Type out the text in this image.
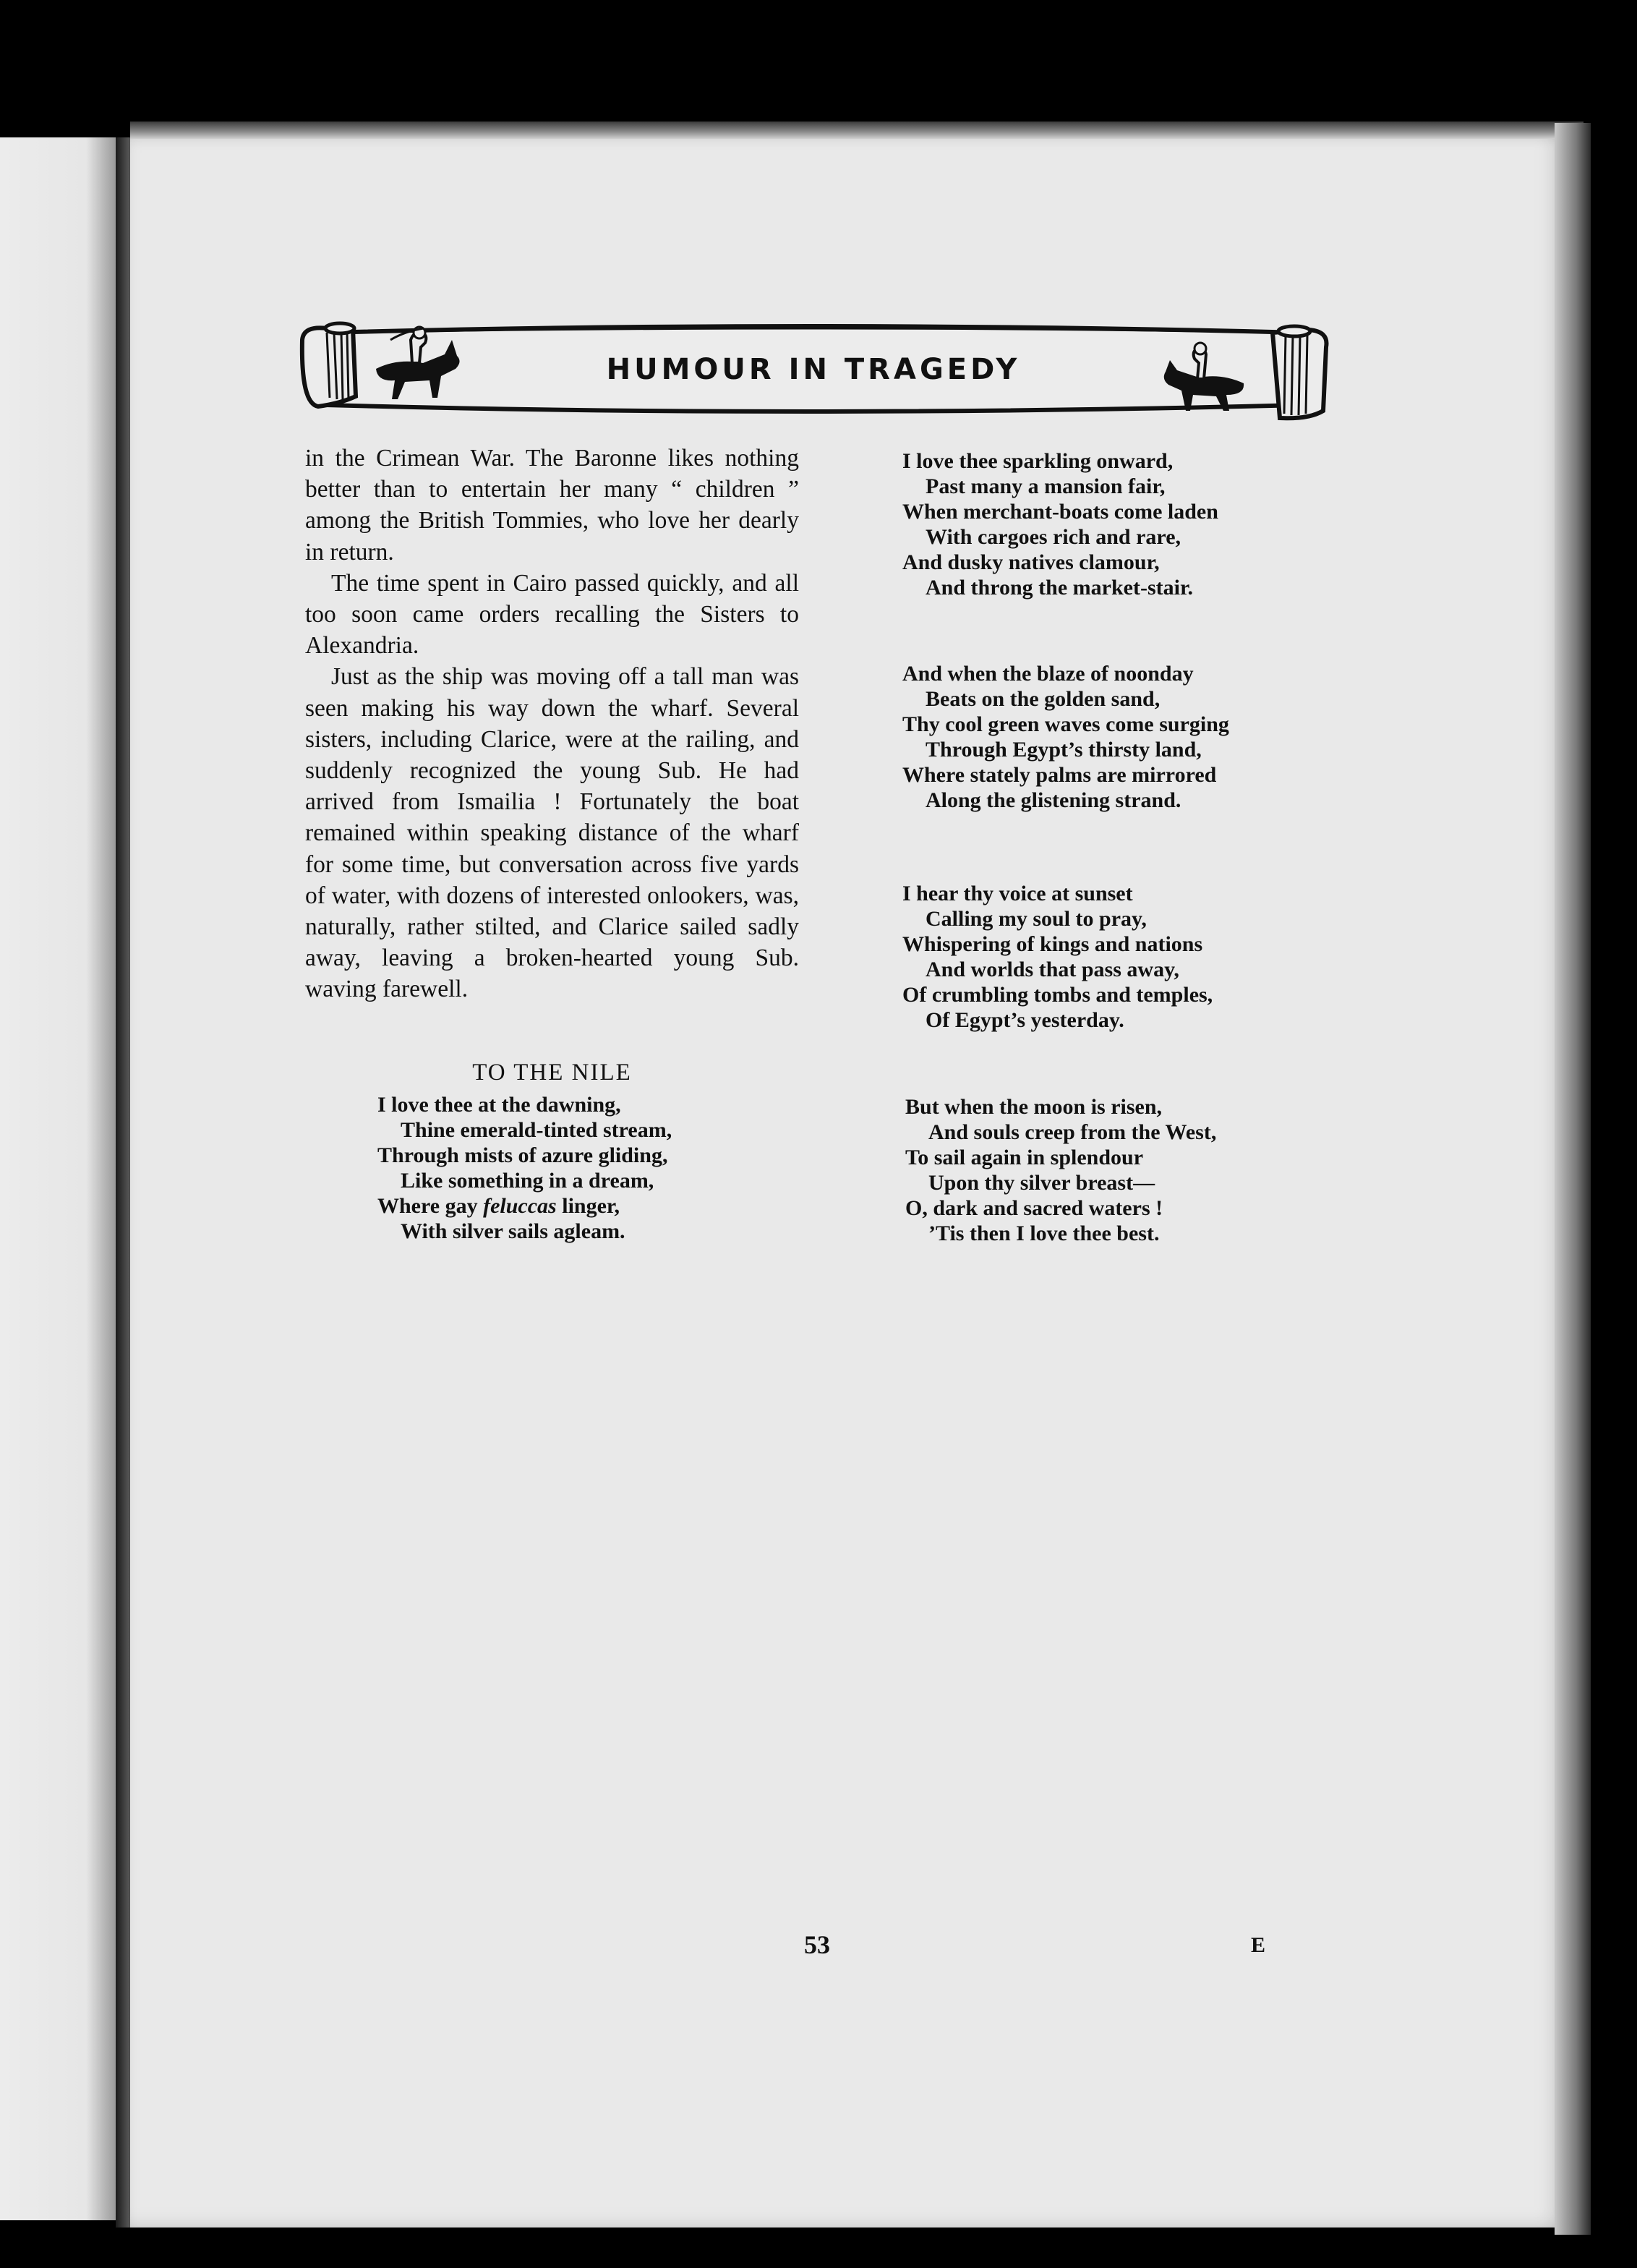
HUMOUR IN TRAGEDY

in the Crimean War. The Baronne likes nothing better than to entertain her many “ children ” among the British Tommies, who love her dearly in return.

The time spent in Cairo passed quickly, and all too soon came orders recalling the Sisters to Alexandria.

Just as the ship was moving off a tall man was seen making his way down the wharf. Several sisters, including Clarice, were at the railing, and suddenly recognized the young Sub. He had arrived from Ismailia ! Fortunately the boat remained within speaking distance of the wharf for some time, but conversation across five yards of water, with dozens of interested onlookers, was, naturally, rather stilted, and Clarice sailed sadly away, leaving a broken-hearted young Sub. waving farewell.

TO THE NILE
I love thee at the dawning,
Thine emerald-tinted stream,
Through mists of azure gliding,
Like something in a dream,
Where gay feluccas linger,
With silver sails agleam.
I love thee sparkling onward,
Past many a mansion fair,
When merchant-boats come laden
With cargoes rich and rare,
And dusky natives clamour,
And throng the market-stair.
And when the blaze of noonday
Beats on the golden sand,
Thy cool green waves come surging
Through Egypt’s thirsty land,
Where stately palms are mirrored
Along the glistening strand.
I hear thy voice at sunset
Calling my soul to pray,
Whispering of kings and nations
And worlds that pass away,
Of crumbling tombs and temples,
Of Egypt’s yesterday.
But when the moon is risen,
And souls creep from the West,
To sail again in splendour
Upon thy silver breast—
O, dark and sacred waters !
’Tis then I love thee best.
53	E
